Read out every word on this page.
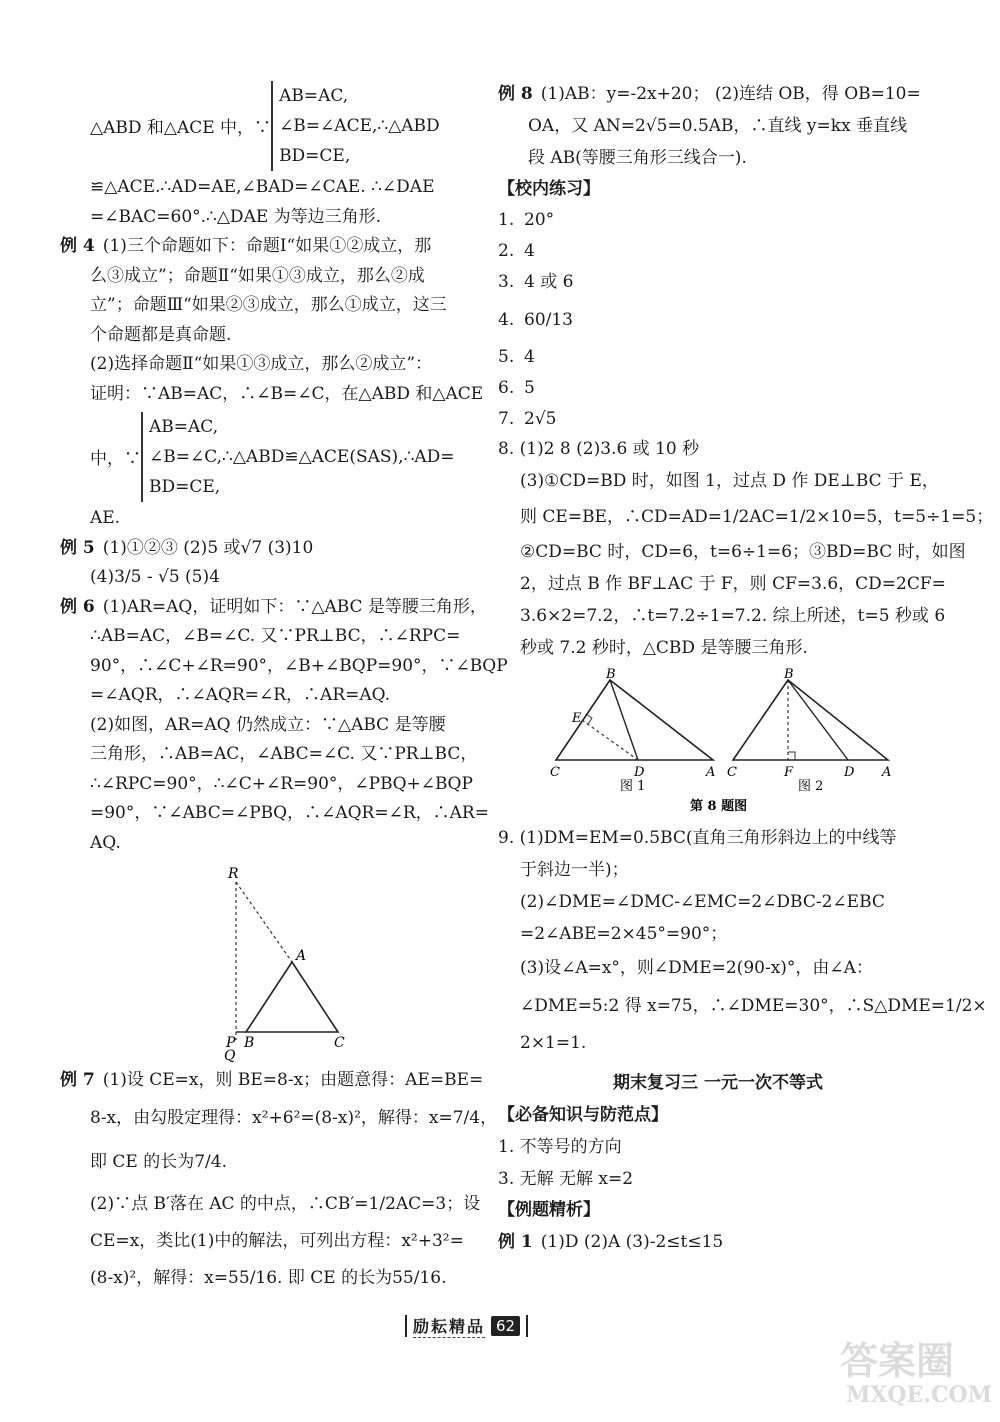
△ABD 和△ACE 中，∵
AB=AC,
∠B=∠ACE,∴△ABD
BD=CE,
≌△ACE.∴AD=AE,∠BAD=∠CAE. ∴∠DAE
=∠BAC=60°.∴△DAE 为等边三角形.
例 4 (1)三个命题如下：命题Ⅰ“如果①②成立，那
么③成立”；命题Ⅱ“如果①③成立，那么②成
立”；命题Ⅲ“如果②③成立，那么①成立，这三
个命题都是真命题.
(2)选择命题Ⅱ“如果①③成立，那么②成立”：
证明：∵AB=AC，∴∠B=∠C，在△ABD 和△ACE
中，∵
AB=AC,
∠B=∠C,∴△ABD≌△ACE(SAS),∴AD=
BD=CE,
AE.
例 5 (1)①②③ (2)5 或√7 (3)10
(4)3/5 - √5 (5)4
例 6 (1)AR=AQ，证明如下：∵△ABC 是等腰三角形，
∴AB=AC，∠B=∠C. 又∵PR⊥BC，∴∠RPC=
90°，∴∠C+∠R=90°，∠B+∠BQP=90°，∵∠BQP
=∠AQR，∴∠AQR=∠R，∴AR=AQ.
(2)如图，AR=AQ 仍然成立：∵△ABC 是等腰
三角形，∴AB=AC，∠ABC=∠C. 又∵PR⊥BC，
∴∠RPC=90°，∴∠C+∠R=90°，∠PBQ+∠BQP
=90°，∵∠ABC=∠PBQ，∴∠AQR=∠R，∴AR=
AQ.
R
A
P B	C
Q
例 7 (1)设 CE=x，则 BE=8-x；由题意得：AE=BE=
8-x，由勾股定理得：x²+6²=(8-x)²，解得：x=7/4，
即 CE 的长为7/4.
(2)∵点 B′落在 AC 的中点，∴CB′=1/2AC=3；设
CE=x，类比(1)中的解法，可列出方程：x²+3²=
(8-x)²，解得：x=55/16. 即 CE 的长为55/16.
例 8 (1)AB：y=-2x+20； (2)连结 OB，得 OB=10=
OA，又 AN=2√5=0.5AB，∴直线 y=kx 垂直线
段 AB(等腰三角形三线合一).
【校内练习】
1. 20°
2. 4
3. 4 或 6
4. 60/13
5. 4
6. 5
7. 2√5
8. (1)2 8 (2)3.6 或 10 秒
(3)①CD=BD 时，如图 1，过点 D 作 DE⊥BC 于 E，
则 CE=BE，∴CD=AD=1/2AC=1/2×10=5，t=5÷1=5；
②CD=BC 时，CD=6，t=6÷1=6；③BD=BC 时，如图
2，过点 B 作 BF⊥AC 于 F，则 CF=3.6，CD=2CF=
3.6×2=7.2，∴t=7.2÷1=7.2. 综上所述，t=5 秒或 6
秒或 7.2 秒时，△CBD 是等腰三角形.
B
E
C	D	A
图 1
B
C	F	D A
图 2
第 8 题图
9. (1)DM=EM=0.5BC(直角三角形斜边上的中线等
于斜边一半)；
(2)∠DME=∠DMC-∠EMC=2∠DBC-2∠EBC
=2∠ABE=2×45°=90°；
(3)设∠A=x°，则∠DME=2(90-x)°，由∠A：
∠DME=5:2 得 x=75，∴∠DME=30°，∴S△DME=1/2×
2×1=1.
期末复习三 一元一次不等式
【必备知识与防范点】
1. 不等号的方向
3. 无解 无解 x=2
【例题精析】
例 1 (1)D (2)A (3)-2≤t≤15
励耘精品 62
答案圈
MXQE.COM
